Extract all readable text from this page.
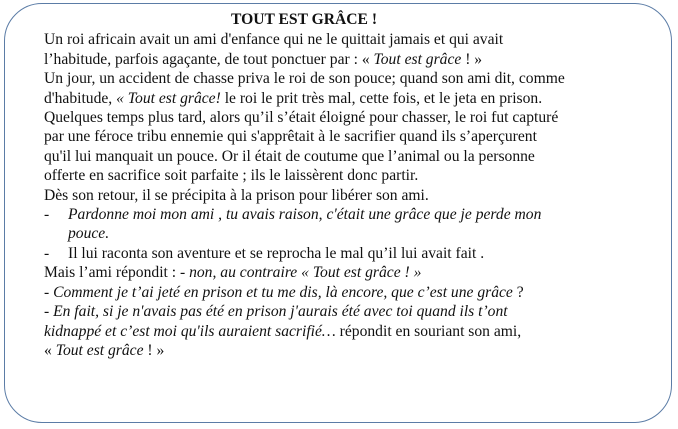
TOUT EST GRÂCE !

Un roi africain avait un ami d'enfance qui ne le quittait jamais et qui avait

l’habitude, parfois agaçante, de tout ponctuer par : « Tout est grâce ! »

Un jour, un accident de chasse priva le roi de son pouce; quand son ami dit, comme

d'habitude, « Tout est grâce! le roi le prit très mal, cette fois, et le jeta en prison.

Quelques temps plus tard, alors qu’il s’était éloigné pour chasser, le roi fut capturé

par une féroce tribu ennemie qui s'apprêtait à le sacrifier quand ils s’aperçurent

qu'il lui manquait un pouce. Or il était de coutume que l’animal ou la personne

offerte en sacrifice soit parfaite ; ils le laissèrent donc partir.

Dès son retour, il se précipita à la prison pour libérer son ami.

- Pardonne moi mon ami , tu avais raison, c'était une grâce que je perde mon

pouce.

- Il lui raconta son aventure et se reprocha le mal qu’il lui avait fait .

Mais l’ami répondit : - non, au contraire « Tout est grâce ! »

- Comment je t’ai jeté en prison et tu me dis, là encore, que c’est une grâce ?

- En fait, si je n'avais pas été en prison j'aurais été avec toi quand ils t’ont

kidnappé et c’est moi qu'ils auraient sacrifié… répondit en souriant son ami,

« Tout est grâce ! »
